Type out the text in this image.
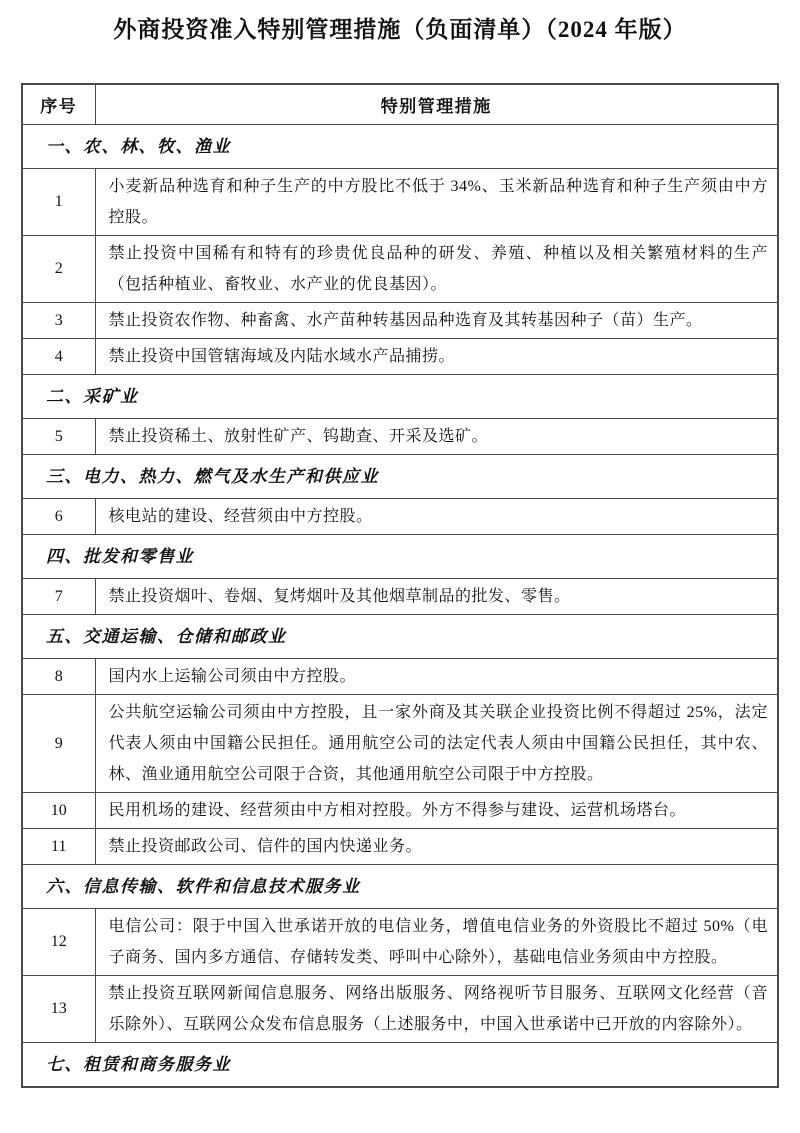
外商投资准入特别管理措施（负面清单）（2024 年版）
序号	特别管理措施
一、农、林、牧、渔业	
1	小麦新品种选育和种子生产的中方股比不低于 34%、玉米新品种选育和种子生产须由中方控股。
2	禁止投资中国稀有和特有的珍贵优良品种的研发、养殖、种植以及相关繁殖材料的生产（包括种植业、畜牧业、水产业的优良基因）。
3	禁止投资农作物、种畜禽、水产苗种转基因品种选育及其转基因种子（苗）生产。
4	禁止投资中国管辖海域及内陆水域水产品捕捞。
二、采矿业	
5	禁止投资稀土、放射性矿产、钨勘查、开采及选矿。
三、电力、热力、燃气及水生产和供应业	
6	核电站的建设、经营须由中方控股。
四、批发和零售业	
7	禁止投资烟叶、卷烟、复烤烟叶及其他烟草制品的批发、零售。
五、交通运输、仓储和邮政业	
8	国内水上运输公司须由中方控股。
9	公共航空运输公司须由中方控股，且一家外商及其关联企业投资比例不得超过 25%，法定代表人须由中国籍公民担任。通用航空公司的法定代表人须由中国籍公民担任，其中农、林、渔业通用航空公司限于合资，其他通用航空公司限于中方控股。
10	民用机场的建设、经营须由中方相对控股。外方不得参与建设、运营机场塔台。
11	禁止投资邮政公司、信件的国内快递业务。
六、信息传输、软件和信息技术服务业	
12	电信公司：限于中国入世承诺开放的电信业务，增值电信业务的外资股比不超过 50%（电子商务、国内多方通信、存储转发类、呼叫中心除外），基础电信业务须由中方控股。
13	禁止投资互联网新闻信息服务、网络出版服务、网络视听节目服务、互联网文化经营（音乐除外）、互联网公众发布信息服务（上述服务中，中国入世承诺中已开放的内容除外）。
七、租赁和商务服务业	
